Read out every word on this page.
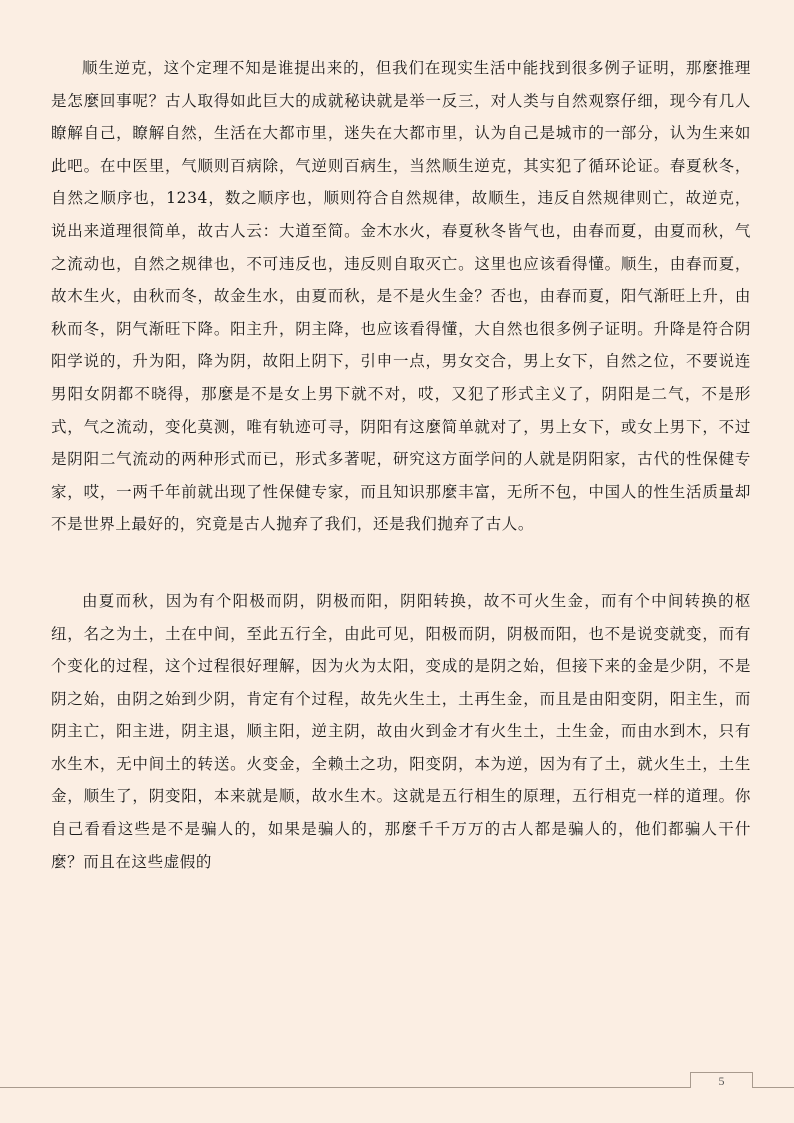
顺生逆克，这个定理不知是谁提出来的，但我们在现实生活中能找到很多例子证明，那麼推理是怎麼回事呢？古人取得如此巨大的成就秘诀就是举一反三，对人类与自然观察仔细，现今有几人瞭解自己，瞭解自然，生活在大都市里，迷失在大都市里，认为自己是城市的一部分，认为生来如此吧。在中医里，气顺则百病除，气逆则百病生，当然顺生逆克，其实犯了循环论证。春夏秋冬，自然之顺序也，1234，数之顺序也，顺则符合自然规律，故顺生，违反自然规律则亡，故逆克，说出来道理很简单，故古人云：大道至简。金木水火，春夏秋冬皆气也，由春而夏，由夏而秋，气之流动也，自然之规律也，不可违反也，违反则自取灭亡。这里也应该看得懂。顺生，由春而夏，故木生火，由秋而冬，故金生水，由夏而秋，是不是火生金？否也，由春而夏，阳气渐旺上升，由秋而冬，阴气渐旺下降。阳主升，阴主降，也应该看得懂，大自然也很多例子证明。升降是符合阴阳学说的，升为阳，降为阴，故阳上阴下，引申一点，男女交合，男上女下，自然之位，不要说连男阳女阴都不晓得，那麼是不是女上男下就不对，哎，又犯了形式主义了，阴阳是二气，不是形式，气之流动，变化莫测，唯有轨迹可寻，阴阳有这麼简单就对了，男上女下，或女上男下，不过是阴阳二气流动的两种形式而已，形式多著呢，研究这方面学问的人就是阴阳家，古代的性保健专家，哎，一两千年前就出现了性保健专家，而且知识那麼丰富，无所不包，中国人的性生活质量却不是世界上最好的，究竟是古人抛弃了我们，还是我们抛弃了古人。

由夏而秋，因为有个阳极而阴，阴极而阳，阴阳转换，故不可火生金，而有个中间转换的枢纽，名之为土，土在中间，至此五行全，由此可见，阳极而阴，阴极而阳，也不是说变就变，而有个变化的过程，这个过程很好理解，因为火为太阳，变成的是阴之始，但接下来的金是少阴，不是阴之始，由阴之始到少阴，肯定有个过程，故先火生土，土再生金，而且是由阳变阴，阳主生，而阴主亡，阳主进，阴主退，顺主阳，逆主阴，故由火到金才有火生土，土生金，而由水到木，只有水生木，无中间土的转送。火变金，全赖土之功，阳变阴，本为逆，因为有了土，就火生土，土生金，顺生了，阴变阳，本来就是顺，故水生木。这就是五行相生的原理，五行相克一样的道理。你自己看看这些是不是骗人的，如果是骗人的，那麼千千万万的古人都是骗人的，他们都骗人干什麼？而且在这些虚假的

5
